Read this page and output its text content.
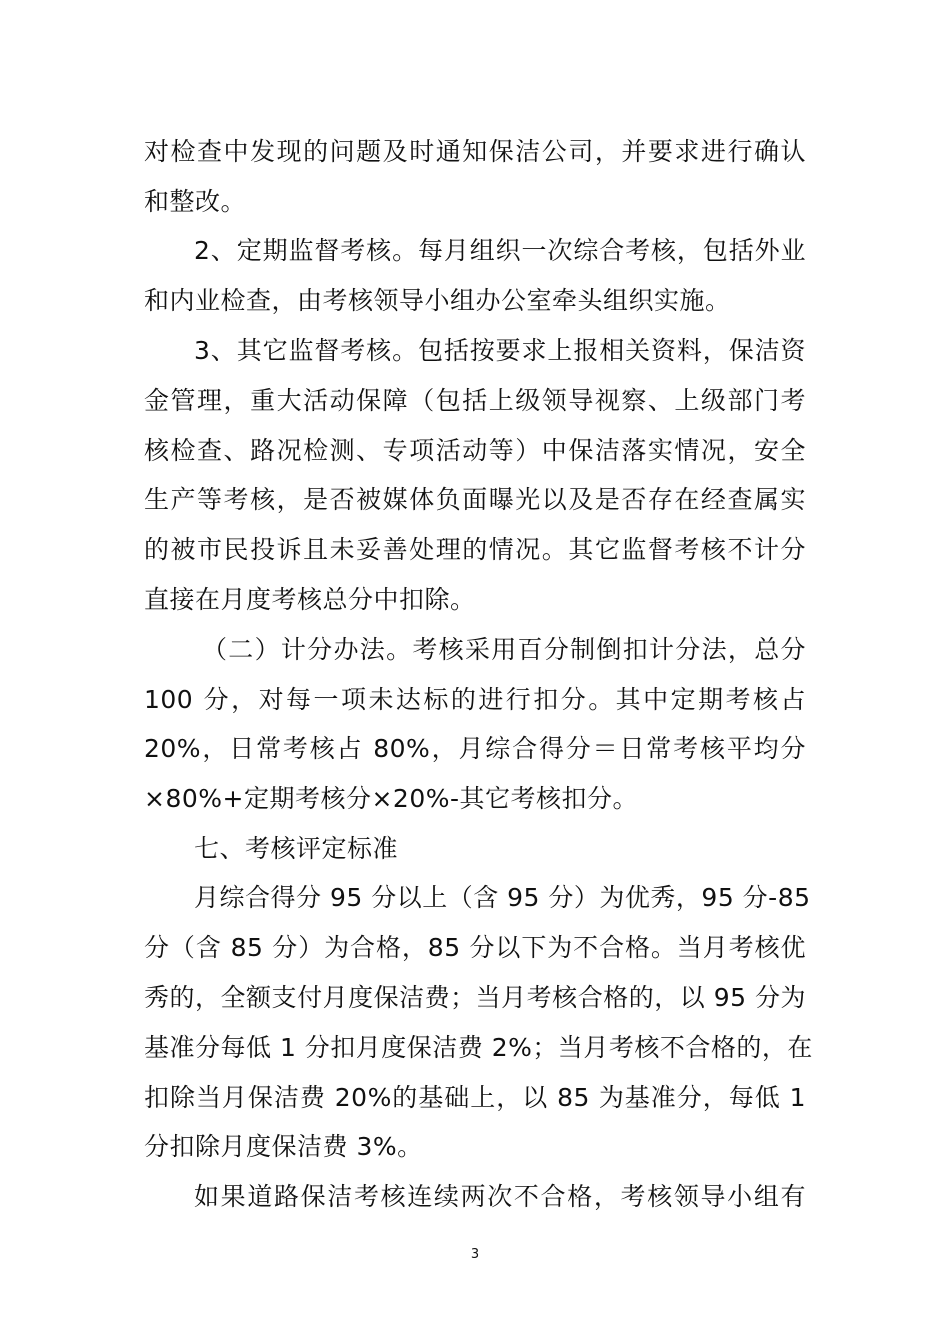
对检查中发现的问题及时通知保洁公司，并要求进行确认
和整改。
2、定期监督考核。每月组织一次综合考核，包括外业
和内业检查，由考核领导小组办公室牵头组织实施。
3、其它监督考核。包括按要求上报相关资料，保洁资
金管理，重大活动保障（包括上级领导视察、上级部门考
核检查、路况检测、专项活动等）中保洁落实情况，安全
生产等考核，是否被媒体负面曝光以及是否存在经查属实
的被市民投诉且未妥善处理的情况。其它监督考核不计分
直接在月度考核总分中扣除。
（二）计分办法。考核采用百分制倒扣计分法，总分
100 分，对每一项未达标的进行扣分。其中定期考核占
20%，日常考核占 80%，月综合得分＝日常考核平均分
×80%+定期考核分×20%-其它考核扣分。
七、考核评定标准
月综合得分 95 分以上（含 95 分）为优秀，95 分-85
分（含 85 分）为合格，85 分以下为不合格。当月考核优
秀的，全额支付月度保洁费；当月考核合格的，以 95 分为
基准分每低 1 分扣月度保洁费 2%；当月考核不合格的，在
扣除当月保洁费 20%的基础上，以 85 为基准分，每低 1
分扣除月度保洁费 3%。
如果道路保洁考核连续两次不合格，考核领导小组有
3
